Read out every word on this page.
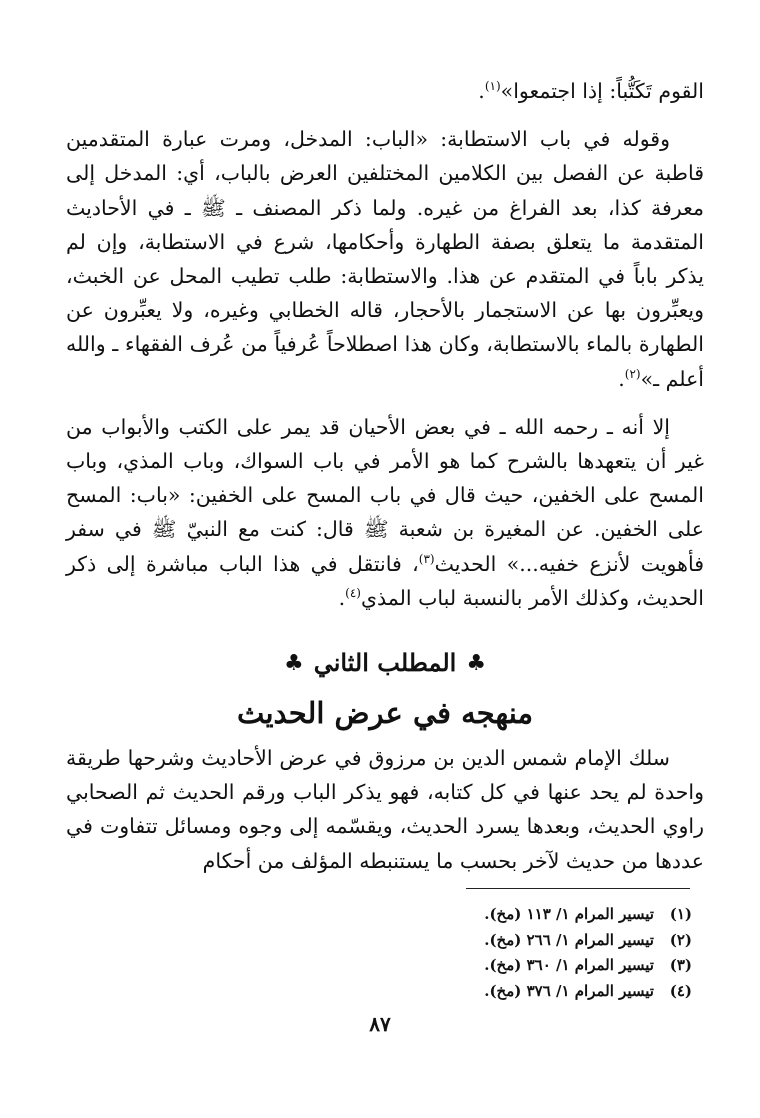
القوم تَكَتُّباً: إذا اجتمعوا»$^{(١)}$.

وقوله في باب الاستطابة: «الباب: المدخل، ومرت عبارة المتقدمين قاطبة عن الفصل بين الكلامين المختلفين العرض بالباب، أي: المدخل إلى معرفة كذا، بعد الفراغ من غيره. ولما ذكر المصنف ـ ﷺ ـ في الأحاديث المتقدمة ما يتعلق بصفة الطهارة وأحكامها، شرع في الاستطابة، وإن لم يذكر باباً في المتقدم عن هذا. والاستطابة: طلب تطيب المحل عن الخبث، ويعبِّرون بها عن الاستجمار بالأحجار، قاله الخطابي وغيره، ولا يعبِّرون عن الطهارة بالماء بالاستطابة، وكان هذا اصطلاحاً عُرفياً من عُرف الفقهاء ـ والله أعلم ـ»$^{(٢)}$.

إلا أنه ـ رحمه الله ـ في بعض الأحيان قد يمر على الكتب والأبواب من غير أن يتعهدها بالشرح كما هو الأمر في باب السواك، وباب المذي، وباب المسح على الخفين، حيث قال في باب المسح على الخفين: «باب: المسح على الخفين. عن المغيرة بن شعبة ﷺ قال: كنت مع النبيّ ﷺ في سفر فأهويت لأنزع خفيه...» الحديث$^{(٣)}$، فانتقل في هذا الباب مباشرة إلى ذكر الحديث، وكذلك الأمر بالنسبة لباب المذي$^{(٤)}$.

♣
المطلب الثاني
♣

منهجه في عرض الحديث

سلك الإمام شمس الدين بن مرزوق في عرض الأحاديث وشرحها طريقة واحدة لم يحد عنها في كل كتابه، فهو يذكر الباب ورقم الحديث ثم الصحابي راوي الحديث، وبعدها يسرد الحديث، ويقسّمه إلى وجوه ومسائل تتفاوت في عددها من حديث لآخر بحسب ما يستنبطه المؤلف من أحكام

(١)
تيسير المرام ١/ ١١٣ (مخ).
(٢)
تيسير المرام ١/ ٢٦٦ (مخ).
(٣)
تيسير المرام ١/ ٣٦٠ (مخ).
(٤)
تيسير المرام ١/ ٣٧٦ (مخ).
٨٧
